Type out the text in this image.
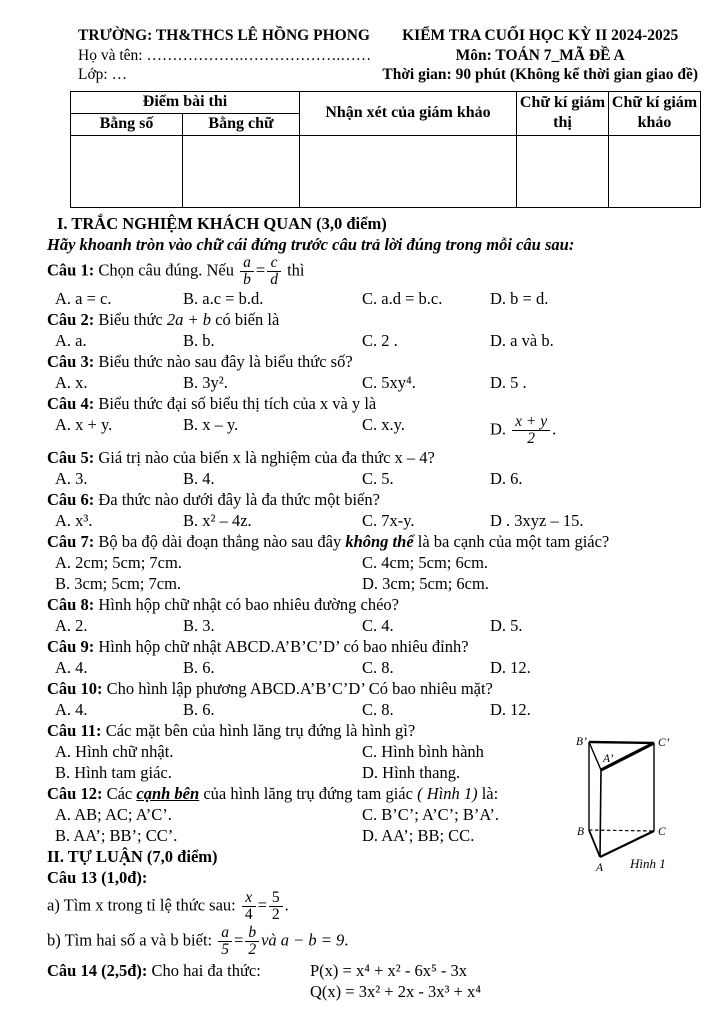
TRƯỜNG: TH&THCS LÊ HỒNG PHONG
Họ và tên: ……………….……………….……
Lớp: …
KIỂM TRA CUỐI HỌC KỲ II 2024-2025
Môn: TOÁN 7_MÃ ĐỀ A
Thời gian: 90 phút (Không kể thời gian giao đề)
Điểm bài thi		Nhận xét của giám khảo	Chữ kí giám thị	Chữ kí giám khảo
Bằng số	Bằng chữ			

I. TRẮC NGHIỆM KHÁCH QUAN (3,0 điểm)
Hãy khoanh tròn vào chữ cái đứng trước câu trả lời đúng trong mỗi câu sau:
Câu 1: Chọn câu đúng. Nếu $\frac{a}{b} = \frac{c}{d}$ thì
A. a = c.	B. a.c = b.d.	C. a.d = b.c.	D. b = d.
Câu 2: Biểu thức 2a + b có biến là
A. a.	B. b.	C. 2 .	D. a và b.
Câu 3: Biểu thức nào sau đây là biểu thức số?
A. x.	B. 3y².	C. 5xy⁴.	D. 5 .
Câu 4: Biểu thức đại số biểu thị tích của x và y là
A. x + y.	B. x – y.	C. x.y.	D. $\frac{x + y}{2}$ .
Câu 5: Giá trị nào của biến x là nghiệm của đa thức x – 4?
A. 3.	B. 4.	C. 5.	D. 6.
Câu 6: Đa thức nào dưới đây là đa thức một biến?
A. x³.	B. x² – 4z.	C. 7x-y.	D . 3xyz – 15.
Câu 7: Bộ ba độ dài đoạn thẳng nào sau đây không thể là ba cạnh của một tam giác?
A. 2cm; 5cm; 7cm.	C. 4cm; 5cm; 6cm.
B. 3cm; 5cm; 7cm.	D. 3cm; 5cm; 6cm.
Câu 8: Hình hộp chữ nhật có bao nhiêu đường chéo?
A. 2.	B. 3.	C. 4.	D. 5.
Câu 9: Hình hộp chữ nhật ABCD.A’B’C’D’ có bao nhiêu đỉnh?
A. 4.	B. 6.	C. 8.	D. 12.
Câu 10: Cho hình lập phương ABCD.A’B’C’D’ Có bao nhiêu mặt?
A. 4.	B. 6.	C. 8.	D. 12.
Câu 11: Các mặt bên của hình lăng trụ đứng là hình gì?
A. Hình chữ nhật.	C. Hình bình hành
B. Hình tam giác.	D. Hình thang.
Câu 12: Các cạnh bên của hình lăng trụ đứng tam giác ( Hình 1) là:
A. AB; AC; A’C’.	C. B’C’; A’C’; B’A’.
B. AA’; BB’; CC’.	D. AA’; BB; CC.
II. TỰ LUẬN (7,0 điểm)
Câu 13 (1,0đ):
a) Tìm x trong tỉ lệ thức sau: $\frac{x}{4} = \frac{5}{2}$ .
b) Tìm hai số a và b biết: $\frac{a}{5} = \frac{b}{2}$ và a − b = 9.
Câu 14 (2,5đ): Cho hai đa thức:	P(x) = x⁴ + x² - 6x⁵ - 3x
Q(x) = 3x² + 2x - 3x³ + x⁴
B’	C’
A’
B	C
A Hình 1
